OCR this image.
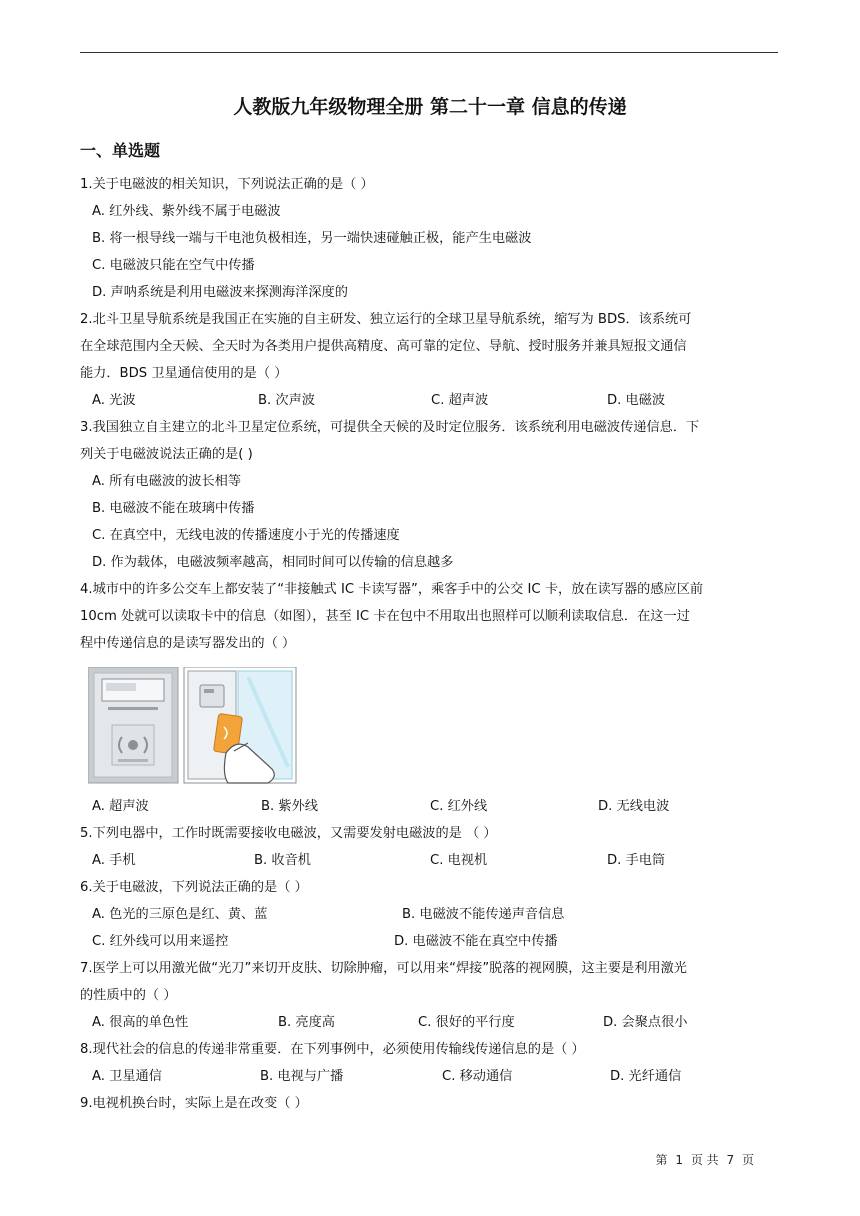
人教版九年级物理全册 第二十一章 信息的传递
一、单选题
1.关于电磁波的相关知识，下列说法正确的是（ ）
A. 红外线、紫外线不属于电磁波
B. 将一根导线一端与干电池负极相连，另一端快速碰触正极，能产生电磁波
C. 电磁波只能在空气中传播
D. 声呐系统是利用电磁波来探测海洋深度的
2.北斗卫星导航系统是我国正在实施的自主研发、独立运行的全球卫星导航系统，缩写为 BDS．该系统可
在全球范围内全天候、全天时为各类用户提供高精度、高可靠的定位、导航、授时服务并兼具短报文通信
能力．BDS 卫星通信使用的是（ ）
A. 光波	B. 次声波	C. 超声波	D. 电磁波
3.我国独立自主建立的北斗卫星定位系统，可提供全天候的及时定位服务．该系统利用电磁波传递信息．下
列关于电磁波说法正确的是( )
A. 所有电磁波的波长相等
B. 电磁波不能在玻璃中传播
C. 在真空中，无线电波的传播速度小于光的传播速度
D. 作为载体，电磁波频率越高，相同时间可以传输的信息越多
4.城市中的许多公交车上都安装了“非接触式 IC 卡读写器”，乘客手中的公交 IC 卡，放在读写器的感应区前
10cm 处就可以读取卡中的信息（如图），甚至 IC 卡在包中不用取出也照样可以顺利读取信息．在这一过
程中传递信息的是读写器发出的（ ）
A. 超声波	B. 紫外线	C. 红外线	D. 无线电波
5.下列电器中，工作时既需要接收电磁波，又需要发射电磁波的是 （ ）
A. 手机	B. 收音机	C. 电视机	D. 手电筒
6.关于电磁波，下列说法正确的是（ ）
A. 色光的三原色是红、黄、蓝	B. 电磁波不能传递声音信息
C. 红外线可以用来遥控	D. 电磁波不能在真空中传播
7.医学上可以用激光做“光刀”来切开皮肤、切除肿瘤，可以用来“焊接”脱落的视网膜，这主要是利用激光
的性质中的（ ）
A. 很高的单色性	B. 亮度高	C. 很好的平行度	D. 会聚点很小
8.现代社会的信息的传递非常重要．在下列事例中，必须使用传输线传递信息的是（ ）
A. 卫星通信	B. 电视与广播	C. 移动通信	D. 光纤通信
9.电视机换台时，实际上是在改变（ ）
第 1 页 共 7 页
